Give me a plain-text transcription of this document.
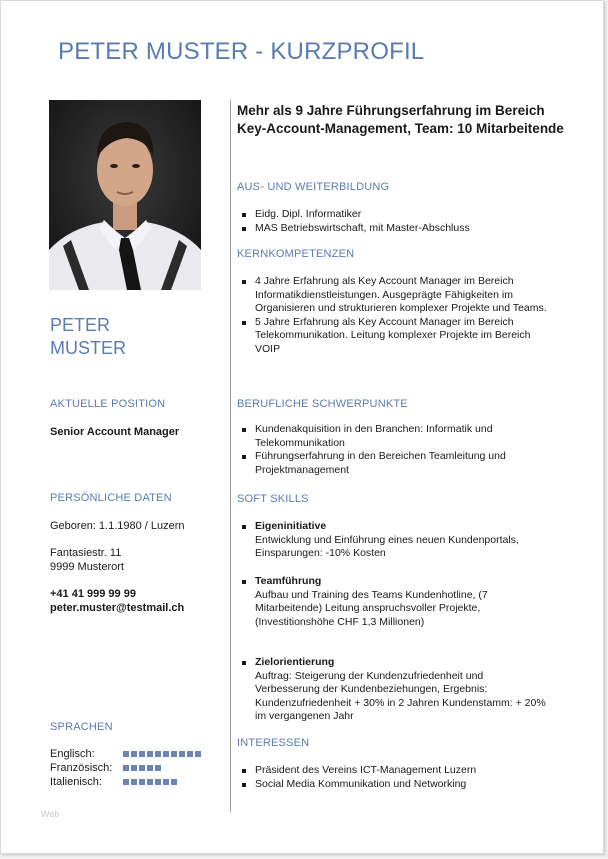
PETER MUSTER - KURZPROFIL
PETER
MUSTER
AKTUELLE POSITION
Senior Account Manager
PERSÖNLICHE DATEN
Geboren: 1.1.1980 / Luzern
Fantasiestr. 11
9999 Musterort
+41 41 999 99 99
peter.muster@testmail.ch
SPRACHEN
Englisch:
Französisch:
Italienisch:

Mehr als 9 Jahre Führungserfahrung im Bereich Key-Account-Management, Team: 10 Mitarbeitende

AUS- UND WEITERBILDUNG
Eidg. Dipl. Informatiker
MAS Betriebswirtschaft, mit Master-Abschluss
KERNKOMPETENZEN
4 Jahre Erfahrung als Key Account Manager im Bereich Informatikdienstleistungen. Ausgeprägte Fähigkeiten im Organisieren und strukturieren komplexer Projekte und Teams.
5 Jahre Erfahrung als Key Account Manager im Bereich Telekommunikation. Leitung komplexer Projekte im Bereich VOIP
BERUFLICHE SCHWERPUNKTE
Kundenakquisition in den Branchen: Informatik und Telekommunikation
Führungserfahrung in den Bereichen Teamleitung und Projektmanagement
SOFT SKILLS
Eigeninitiative
Entwicklung und Einführung eines neuen Kundenportals, Einsparungen: -10% Kosten
Teamführung
Aufbau und Training des Teams Kundenhotline, (7 Mitarbeitende) Leitung anspruchsvoller Projekte, (Investitionshöhe CHF 1,3 Millionen)
Zielorientierung
Auftrag: Steigerung der Kundenzufriedenheit und Verbesserung der Kundenbeziehungen, Ergebnis: Kundenzufriedenheit + 30% in 2 Jahren Kundenstamm: + 20% im vergangenen Jahr
INTERESSEN
Präsident des Vereins ICT-Management Luzern
Social Media Kommunikation und Networking
Web
